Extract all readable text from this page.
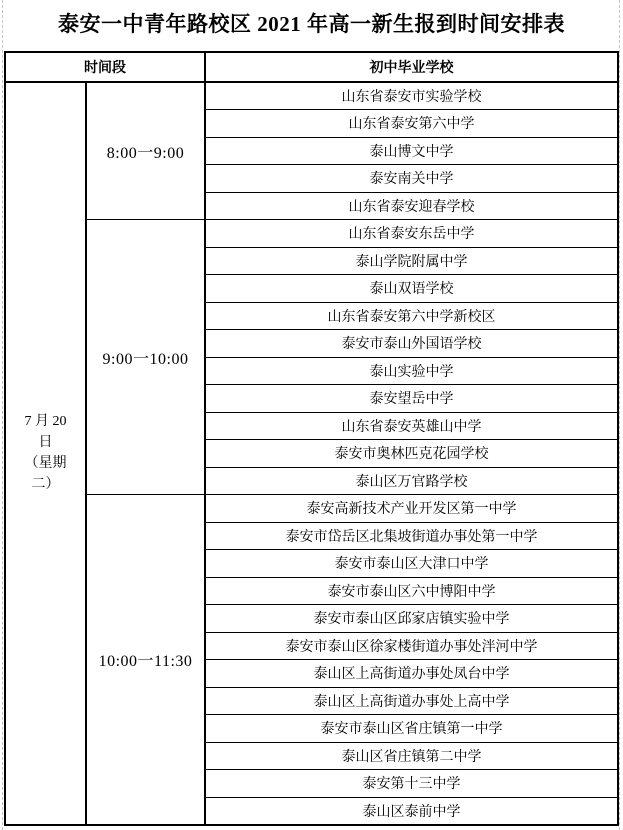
泰安一中青年路校区 2021 年高一新生报到时间安排表
时间段		初中毕业学校

7 月 20
日
（星期
二）	8:00一9:00	山东省泰安市实验学校
		山东省泰安第六中学
		泰山博文中学
		泰安南关中学
		山东省泰安迎春学校
	9:00一10:00	山东省泰安东岳中学
		泰山学院附属中学
		泰山双语学校
		山东省泰安第六中学新校区
		泰安市泰山外国语学校
		泰山实验中学
		泰安望岳中学
		山东省泰安英雄山中学
		泰安市奥林匹克花园学校
		泰山区万官路学校
	10:00一11:30	泰安高新技术产业开发区第一中学
		泰安市岱岳区北集坡街道办事处第一中学
		泰安市泰山区大津口中学
		泰安市泰山区六中博阳中学
		泰安市泰山区邱家店镇实验中学
		泰安市泰山区徐家楼街道办事处泮河中学
		泰山区上高街道办事处凤台中学
		泰山区上高街道办事处上高中学
		泰安市泰山区省庄镇第一中学
		泰山区省庄镇第二中学
		泰安第十三中学
		泰山区泰前中学
